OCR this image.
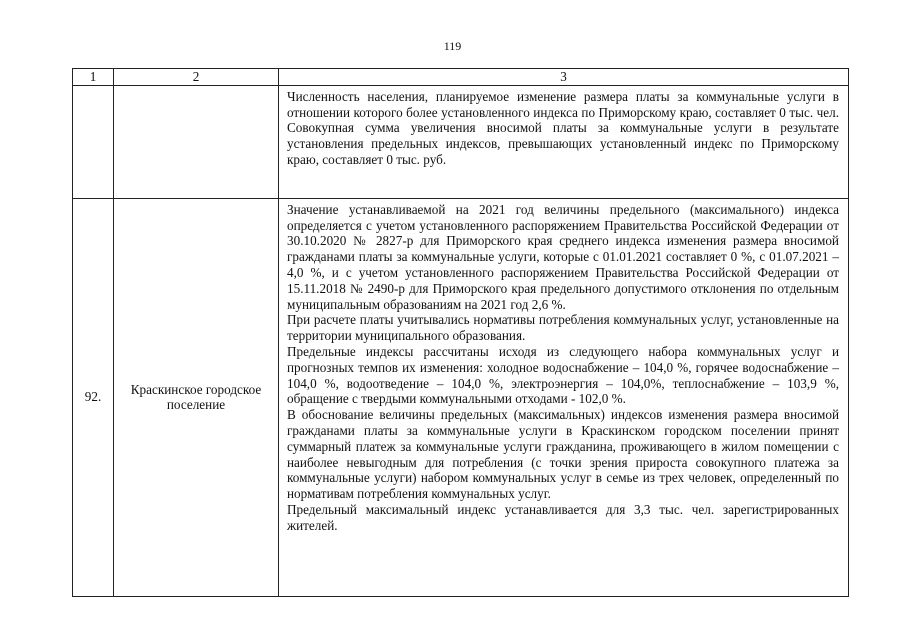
119
1	2	3

		Численность населения, планируемое изменение размера платы за коммунальные услуги в отношении которого более установленного индекса по Приморскому краю, составляет 0 тыс. чел. Совокупная сумма увеличения вносимой платы за коммунальные услуги в результате установления предельных индексов, превышающих установленный индекс по Приморскому краю, составляет 0 тыс. руб.

92.	Краскинское городское поселение	Значение устанавливаемой на 2021 год величины предельного (максимального) индекса определяется с учетом установленного распоряжением Правительства Российской Федерации от 30.10.2020 № 2827-р для Приморского края среднего индекса изменения размера вносимой гражданами платы за коммунальные услуги, которые с 01.01.2021 составляет 0 %, с 01.07.2021 – 4,0 %, и с учетом установленного распоряжением Правительства Российской Федерации от 15.11.2018 № 2490-р для Приморского края предельного допустимого отклонения по отдельным муниципальным образованиям на 2021 год 2,6 %.

При расчете платы учитывались нормативы потребления коммунальных услуг, установленные на территории муниципального образования.

Предельные индексы рассчитаны исходя из следующего набора коммунальных услуг и прогнозных темпов их изменения: холодное водоснабжение – 104,0 %, горячее водоснабжение – 104,0 %, водоотведение – 104,0 %, электроэнергия – 104,0%, теплоснабжение – 103,9 %, обращение с твердыми коммунальными отходами - 102,0 %.

В обоснование величины предельных (максимальных) индексов изменения размера вносимой гражданами платы за коммунальные услуги в Краскинском городском поселении принят суммарный платеж за коммунальные услуги гражданина, проживающего в жилом помещении с наиболее невыгодным для потребления (с точки зрения прироста совокупного платежа за коммунальные услуги) набором коммунальных услуг в семье из трех человек, определенный по нормативам потребления коммунальных услуг.

Предельный максимальный индекс устанавливается для 3,3 тыс. чел. зарегистрированных жителей.
